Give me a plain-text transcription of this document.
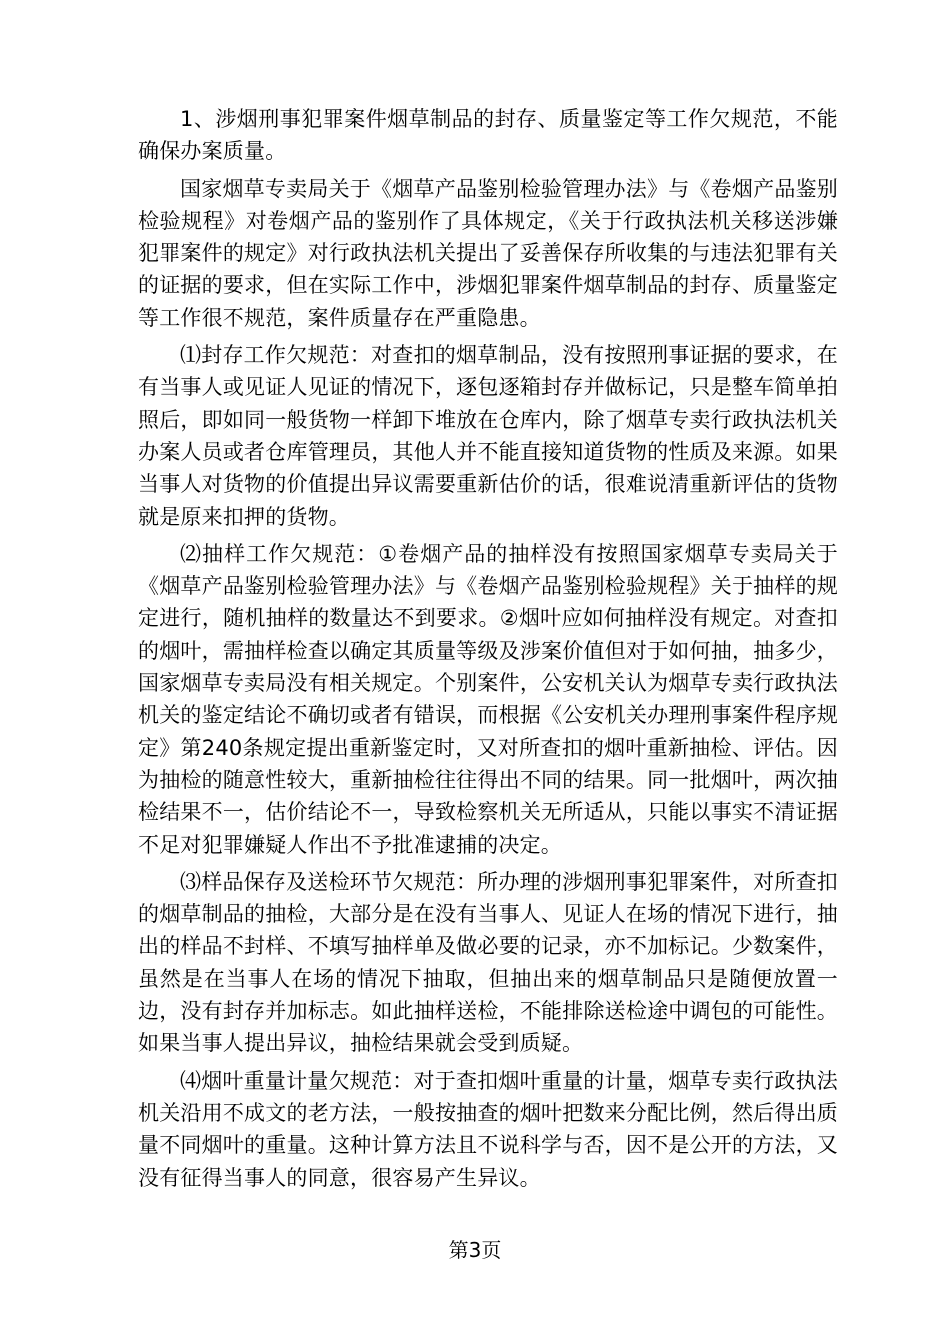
1、涉烟刑事犯罪案件烟草制品的封存、质量鉴定等工作欠规范，不能确保办案质量。

国家烟草专卖局关于《烟草产品鉴别检验管理办法》与《卷烟产品鉴别检验规程》对卷烟产品的鉴别作了具体规定，《关于行政执法机关移送涉嫌犯罪案件的规定》对行政执法机关提出了妥善保存所收集的与违法犯罪有关的证据的要求，但在实际工作中，涉烟犯罪案件烟草制品的封存、质量鉴定等工作很不规范，案件质量存在严重隐患。

⑴封存工作欠规范：对查扣的烟草制品，没有按照刑事证据的要求，在有当事人或见证人见证的情况下，逐包逐箱封存并做标记，只是整车简单拍照后，即如同一般货物一样卸下堆放在仓库内，除了烟草专卖行政执法机关办案人员或者仓库管理员，其他人并不能直接知道货物的性质及来源。如果当事人对货物的价值提出异议需要重新估价的话，很难说清重新评估的货物就是原来扣押的货物。

⑵抽样工作欠规范：①卷烟产品的抽样没有按照国家烟草专卖局关于《烟草产品鉴别检验管理办法》与《卷烟产品鉴别检验规程》关于抽样的规定进行，随机抽样的数量达不到要求。②烟叶应如何抽样没有规定。对查扣的烟叶，需抽样检查以确定其质量等级及涉案价值但对于如何抽，抽多少，国家烟草专卖局没有相关规定。个别案件，公安机关认为烟草专卖行政执法机关的鉴定结论不确切或者有错误，而根据《公安机关办理刑事案件程序规定》第240条规定提出重新鉴定时，又对所查扣的烟叶重新抽检、评估。因为抽检的随意性较大，重新抽检往往得出不同的结果。同一批烟叶，两次抽检结果不一，估价结论不一，导致检察机关无所适从，只能以事实不清证据不足对犯罪嫌疑人作出不予批准逮捕的决定。

⑶样品保存及送检环节欠规范：所办理的涉烟刑事犯罪案件，对所查扣的烟草制品的抽检，大部分是在没有当事人、见证人在场的情况下进行，抽出的样品不封样、不填写抽样单及做必要的记录，亦不加标记。少数案件，虽然是在当事人在场的情况下抽取，但抽出来的烟草制品只是随便放置一边，没有封存并加标志。如此抽样送检，不能排除送检途中调包的可能性。如果当事人提出异议，抽检结果就会受到质疑。

⑷烟叶重量计量欠规范：对于查扣烟叶重量的计量，烟草专卖行政执法机关沿用不成文的老方法，一般按抽查的烟叶把数来分配比例，然后得出质量不同烟叶的重量。这种计算方法且不说科学与否，因不是公开的方法，又没有征得当事人的同意，很容易产生异议。

第3页
